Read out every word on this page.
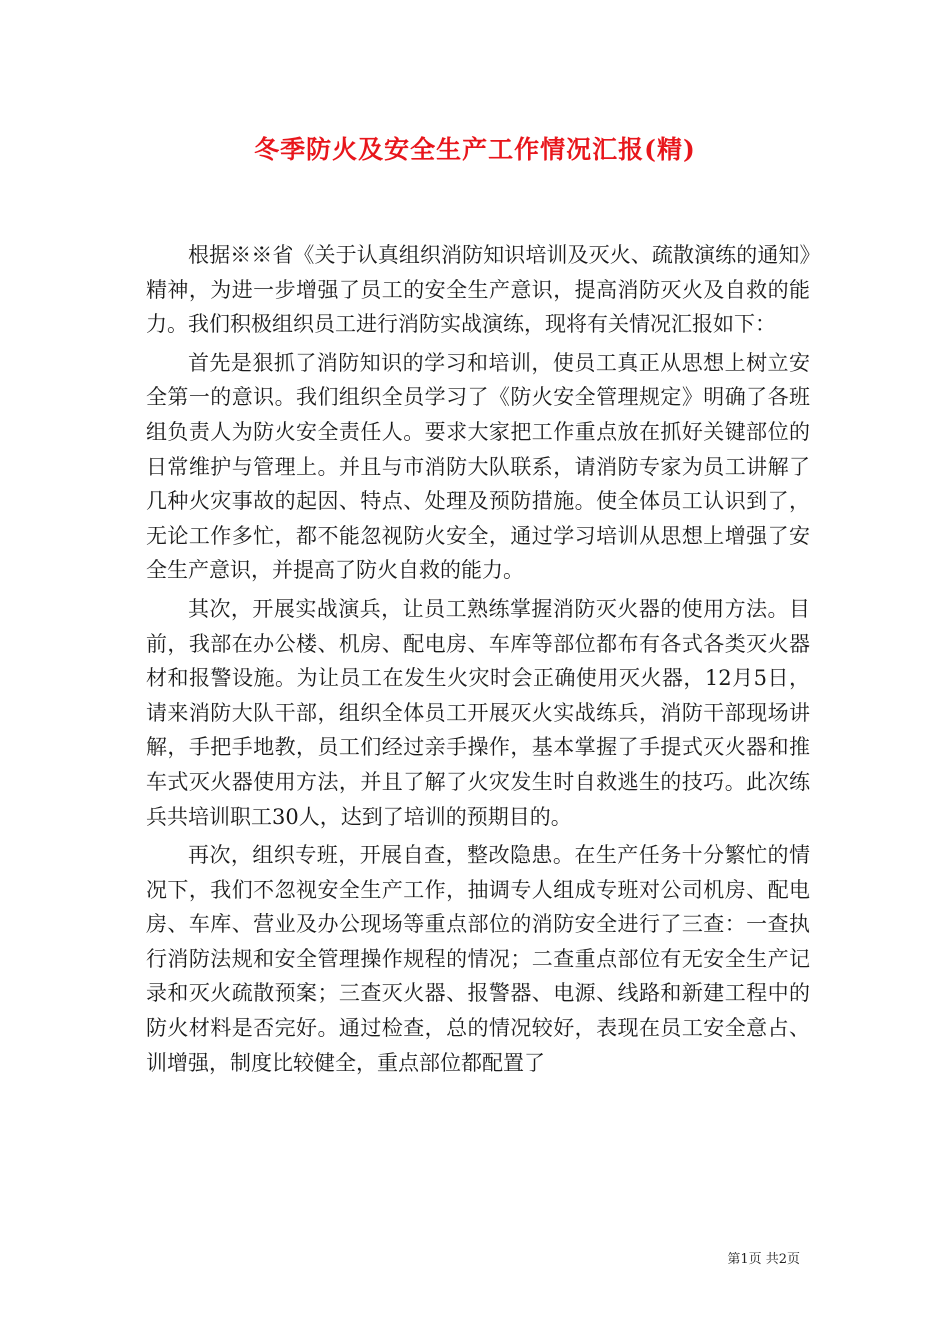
冬季防火及安全生产工作情况汇报(精)

根据※※省《关于认真组织消防知识培训及灭火、疏散演练的通知》精神，为进一步增强了员工的安全生产意识，提高消防灭火及自救的能力。我们积极组织员工进行消防实战演练，现将有关情况汇报如下：

首先是狠抓了消防知识的学习和培训，使员工真正从思想上树立安全第一的意识。我们组织全员学习了《防火安全管理规定》明确了各班组负责人为防火安全责任人。要求大家把工作重点放在抓好关键部位的日常维护与管理上。并且与市消防大队联系，请消防专家为员工讲解了几种火灾事故的起因、特点、处理及预防措施。使全体员工认识到了，无论工作多忙，都不能忽视防火安全，通过学习培训从思想上增强了安全生产意识，并提高了防火自救的能力。

其次，开展实战演兵，让员工熟练掌握消防灭火器的使用方法。目前，我部在办公楼、机房、配电房、车库等部位都布有各式各类灭火器材和报警设施。为让员工在发生火灾时会正确使用灭火器，12月5日，请来消防大队干部，组织全体员工开展灭火实战练兵，消防干部现场讲解，手把手地教，员工们经过亲手操作，基本掌握了手提式灭火器和推车式灭火器使用方法，并且了解了火灾发生时自救逃生的技巧。此次练兵共培训职工30人，达到了培训的预期目的。

再次，组织专班，开展自查，整改隐患。在生产任务十分繁忙的情况下，我们不忽视安全生产工作，抽调专人组成专班对公司机房、配电房、车库、营业及办公现场等重点部位的消防安全进行了三查：一查执行消防法规和安全管理操作规程的情况；二查重点部位有无安全生产记录和灭火疏散预案；三查灭火器、报警器、电源、线路和新建工程中的防火材料是否完好。通过检查，总的情况较好，表现在员工安全意占、训增强，制度比较健全，重点部位都配置了

第1页 共2页
